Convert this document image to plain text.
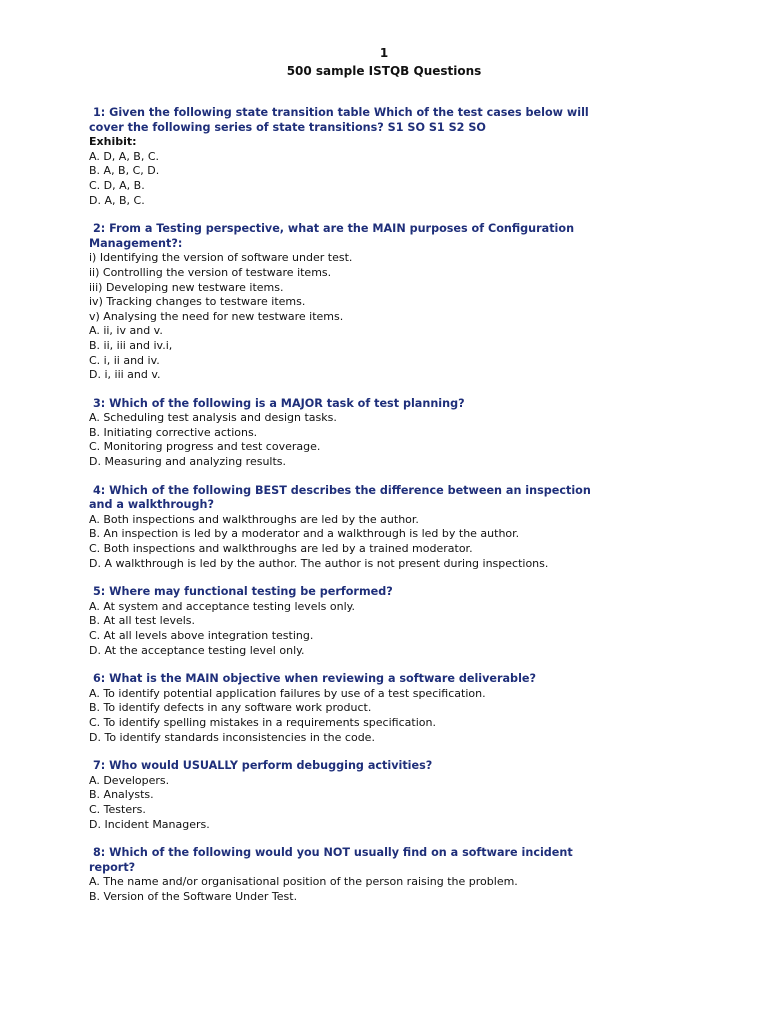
1
500 sample ISTQB Questions
1: Given the following state transition table Which of the test cases below will cover the following series of state transitions? S1 SO S1 S2 SO
Exhibit:
A. D, A, B, C.
B. A, B, C, D.
C. D, A, B.
D. A, B, C.
2: From a Testing perspective, what are the MAIN purposes of Configuration Management?:
i) Identifying the version of software under test.
ii) Controlling the version of testware items.
iii) Developing new testware items.
iv) Tracking changes to testware items.
v) Analysing the need for new testware items.
A. ii, iv and v.
B. ii, iii and iv.i,
C. i, ii and iv.
D. i, iii and v.
3: Which of the following is a MAJOR task of test planning?
A. Scheduling test analysis and design tasks.
B. Initiating corrective actions.
C. Monitoring progress and test coverage.
D. Measuring and analyzing results.
4: Which of the following BEST describes the difference between an inspection and a walkthrough?
A. Both inspections and walkthroughs are led by the author.
B. An inspection is led by a moderator and a walkthrough is led by the author.
C. Both inspections and walkthroughs are led by a trained moderator.
D. A walkthrough is led by the author. The author is not present during inspections.
5: Where may functional testing be performed?
A. At system and acceptance testing levels only.
B. At all test levels.
C. At all levels above integration testing.
D. At the acceptance testing level only.
6: What is the MAIN objective when reviewing a software deliverable?
A. To identify potential application failures by use of a test specification.
B. To identify defects in any software work product.
C. To identify spelling mistakes in a requirements specification.
D. To identify standards inconsistencies in the code.
7: Who would USUALLY perform debugging activities?
A. Developers.
B. Analysts.
C. Testers.
D. Incident Managers.
8: Which of the following would you NOT usually find on a software incident report?
A. The name and/or organisational position of the person raising the problem.
B. Version of the Software Under Test.
